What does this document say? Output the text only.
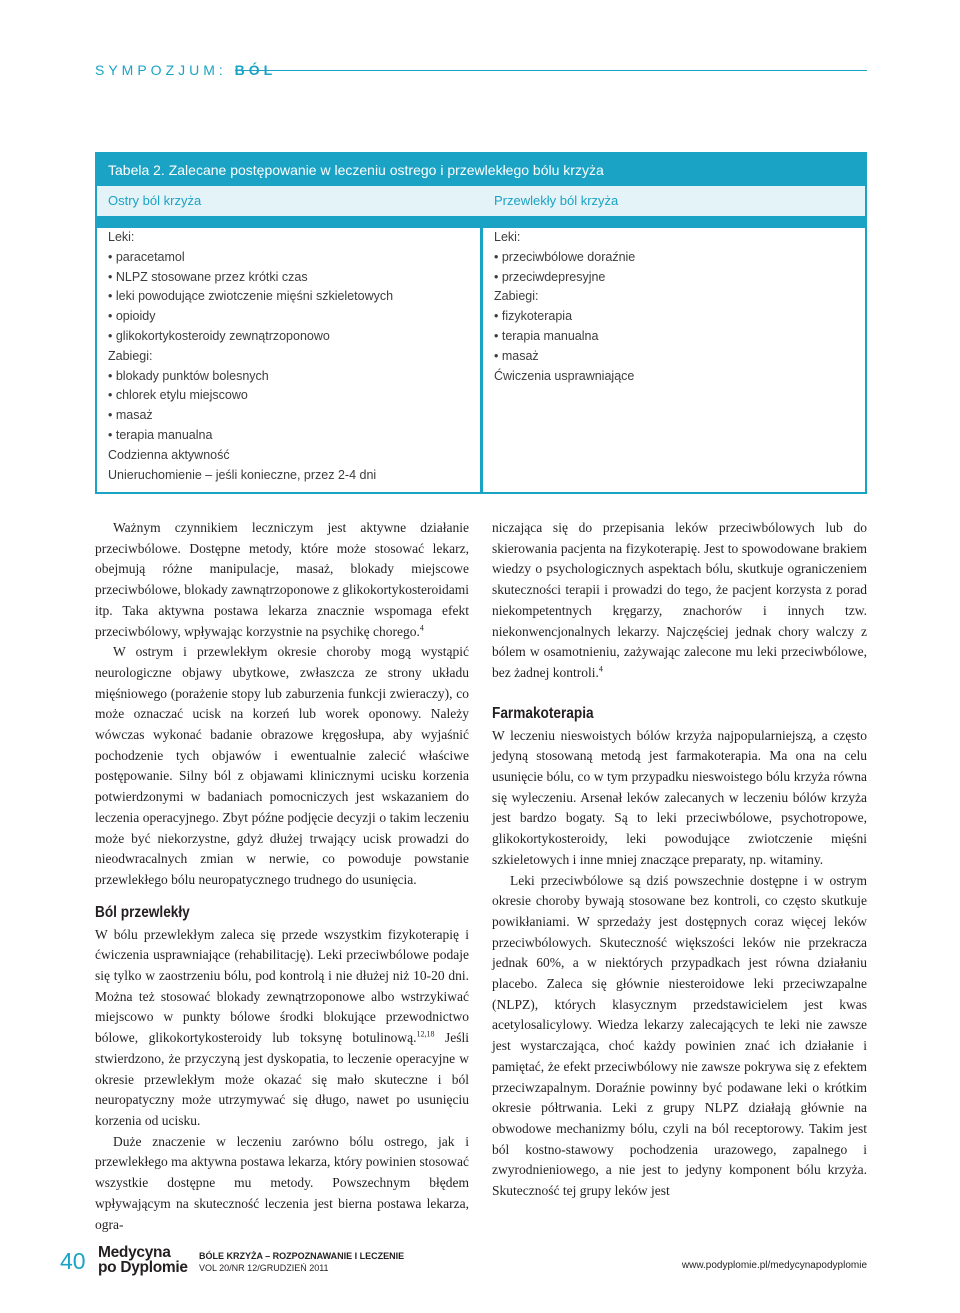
SYMPOZJUM: BÓL
Tabela 2. Zalecane postępowanie w leczeniu ostrego i przewlekłego bólu krzyża
Ostry ból krzyża	Przewlekły ból krzyża
Leki:
• paracetamol
• NLPZ stosowane przez krótki czas
• leki powodujące zwiotczenie mięśni szkieletowych
• opioidy
• glikokortykosteroidy zewnątrzoponowo
Zabiegi:
• blokady punktów bolesnych
• chlorek etylu miejscowo
• masaż
• terapia manualna
Codzienna aktywność
Unieruchomienie – jeśli konieczne, przez 2-4 dni
Leki:
• przeciwbólowe doraźnie
• przeciwdepresyjne
Zabiegi:
• fizykoterapia
• terapia manualna
• masaż
Ćwiczenia usprawniające

Ważnym czynnikiem leczniczym jest aktywne działanie przeciwbólowe. Dostępne metody, które może stosować lekarz, obejmują różne manipulacje, masaż, blokady miejscowe przeciwbólowe, blokady zawnątrzoponowe z glikokortykosteroidami itp. Taka aktywna postawa lekarza znacznie wspomaga efekt przeciwbólowy, wpływając korzystnie na psychikę chorego.$^4$

W ostrym i przewlekłym okresie choroby mogą wystąpić neurologiczne objawy ubytkowe, zwłaszcza ze strony układu mięśniowego (porażenie stopy lub zaburzenia funkcji zwieraczy), co może oznaczać ucisk na korzeń lub worek oponowy. Należy wówczas wykonać badanie obrazowe kręgosłupa, aby wyjaśnić pochodzenie tych objawów i ewentualnie zalecić właściwe postępowanie. Silny ból z objawami klinicznymi ucisku korzenia potwierdzonymi w badaniach pomocniczych jest wskazaniem do leczenia operacyjnego. Zbyt późne podjęcie decyzji o takim leczeniu może być niekorzystne, gdyż dłużej trwający ucisk prowadzi do nieodwracalnych zmian w nerwie, co powoduje powstanie przewlekłego bólu neuropatycznego trudnego do usunięcia.

Ból przewlekły

W bólu przewlekłym zaleca się przede wszystkim fizykoterapię i ćwiczenia usprawniające (rehabilitację). Leki przeciwbólowe podaje się tylko w zaostrzeniu bólu, pod kontrolą i nie dłużej niż 10-20 dni. Można też stosować blokady zewnątrzoponowe albo wstrzykiwać miejscowo w punkty bólowe środki blokujące przewodnictwo bólowe, glikokortykosteroidy lub toksynę botulinową.$^{12,18}$ Jeśli stwierdzono, że przyczyną jest dyskopatia, to leczenie operacyjne w okresie przewlekłym może okazać się mało skuteczne i ból neuropatyczny może utrzymywać się długo, nawet po usunięciu korzenia od ucisku.

Duże znaczenie w leczeniu zarówno bólu ostrego, jak i przewlekłego ma aktywna postawa lekarza, który powinien stosować wszystkie dostępne mu metody. Powszechnym błędem wpływającym na skuteczność leczenia jest bierna postawa lekarza, ogra-

niczająca się do przepisania leków przeciwbólowych lub do skierowania pacjenta na fizykoterapię. Jest to spowodowane brakiem wiedzy o psychologicznych aspektach bólu, skutkuje ograniczeniem skuteczności terapii i prowadzi do tego, że pacjent korzysta z porad niekompetentnych kręgarzy, znachorów i innych tzw. niekonwencjonalnych lekarzy. Najczęściej jednak chory walczy z bólem w osamotnieniu, zażywając zalecone mu leki przeciwbólowe, bez żadnej kontroli.$^4$

Farmakoterapia

W leczeniu nieswoistych bólów krzyża najpopularniejszą, a często jedyną stosowaną metodą jest farmakoterapia. Ma ona na celu usunięcie bólu, co w tym przypadku nieswoistego bólu krzyża równa się wyleczeniu. Arsenał leków zalecanych w leczeniu bólów krzyża jest bardzo bogaty. Są to leki przeciwbólowe, psychotropowe, glikokortykosteroidy, leki powodujące zwiotczenie mięśni szkieletowych i inne mniej znaczące preparaty, np. witaminy.

Leki przeciwbólowe są dziś powszechnie dostępne i w ostrym okresie choroby bywają stosowane bez kontroli, co często skutkuje powikłaniami. W sprzedaży jest dostępnych coraz więcej leków przeciwbólowych. Skuteczność większości leków nie przekracza jednak 60%, a w niektórych przypadkach jest równa działaniu placebo. Zaleca się głównie niesteroidowe leki przeciwzapalne (NLPZ), których klasycznym przedstawicielem jest kwas acetylosalicylowy. Wiedza lekarzy zalecających te leki nie zawsze jest wystarczająca, choć każdy powinien znać ich działanie i pamiętać, że efekt przeciwbólowy nie zawsze pokrywa się z efektem przeciwzapalnym. Doraźnie powinny być podawane leki o krótkim okresie półtrwania. Leki z grupy NLPZ działają głównie na obwodowe mechanizmy bólu, czyli na ból receptorowy. Takim jest ból kostno-stawowy pochodzenia urazowego, zapalnego i zwyrodnieniowego, a nie jest to jedyny komponent bólu krzyża. Skuteczność tej grupy leków jest

40 Medycyna
po Dyplomie
BÓLE KRZYŻA – ROZPOZNAWANIE I LECZENIE
VOL 20/NR 12/GRUDZIEŃ 2011	www.podyplomie.pl/medycynapodyplomie
